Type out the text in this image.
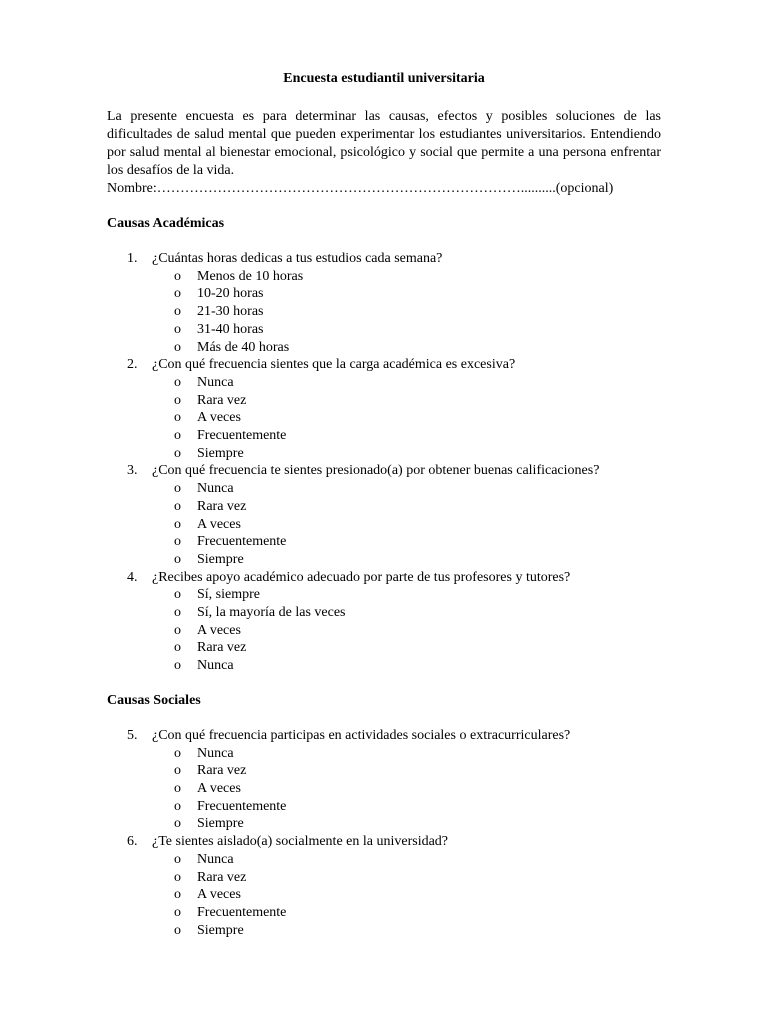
Encuesta estudiantil universitaria
La presente encuesta es para determinar las causas, efectos y posibles soluciones de las dificultades de salud mental que pueden experimentar los estudiantes universitarios. Entendiendo por salud mental al bienestar emocional, psicológico y social que permite a una persona enfrentar los desafíos de la vida.
Nombre:……………………………………………………………………..........(opcional)
Causas Académicas
1. ¿Cuántas horas dedicas a tus estudios cada semana?
o Menos de 10 horas
o 10-20 horas
o 21-30 horas
o 31-40 horas
o Más de 40 horas
2. ¿Con qué frecuencia sientes que la carga académica es excesiva?
o Nunca
o Rara vez
o A veces
o Frecuentemente
o Siempre
3. ¿Con qué frecuencia te sientes presionado(a) por obtener buenas calificaciones?
o Nunca
o Rara vez
o A veces
o Frecuentemente
o Siempre
4. ¿Recibes apoyo académico adecuado por parte de tus profesores y tutores?
o Sí, siempre
o Sí, la mayoría de las veces
o A veces
o Rara vez
o Nunca
Causas Sociales
5. ¿Con qué frecuencia participas en actividades sociales o extracurriculares?
o Nunca
o Rara vez
o A veces
o Frecuentemente
o Siempre
6. ¿Te sientes aislado(a) socialmente en la universidad?
o Nunca
o Rara vez
o A veces
o Frecuentemente
o Siempre
